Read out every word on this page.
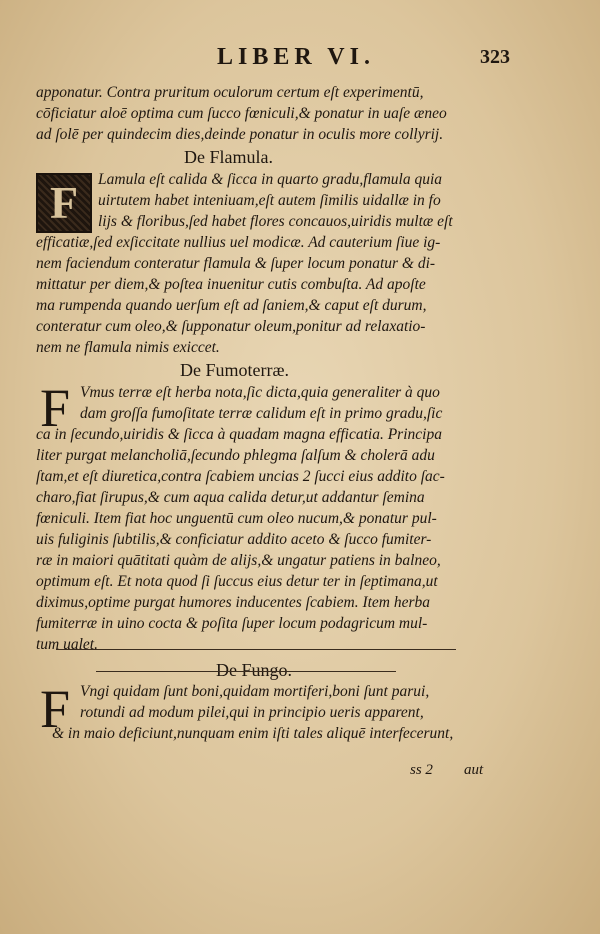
LIBER VI.	323
apponatur. Contra pruritum oculorum certum eſt experimentū,
cōficiatur aloē optima cum ſucco fœniculi,& ponatur in uaſe æneo
ad ſolē per quindecim dies,deinde ponatur in oculis more collyrij.
De Flamula.
F	Lamula eſt calida & ſicca in quarto gradu,flamula quia
uirtutem habet inteniuam,eſt autem ſimilis uidallæ in fo
lijs & floribus,ſed habet flores concauos,uiridis multæ eſt
efficatiæ,ſed exſiccitate nullius uel modicæ. Ad cauterium ſiue ig-
nem faciendum conteratur flamula & ſuper locum ponatur & di-
mittatur per diem,& poſtea inuenitur cutis combuſta. Ad apoſte
ma rumpenda quando uerſum eſt ad ſaniem,& caput eſt durum,
conteratur cum oleo,& ſupponatur oleum,ponitur ad relaxatio-
nem ne flamula nimis exiccet.
De Fumoterræ.
F Vmus terræ eſt herba nota,ſic dicta,quia generaliter à quo
dam groſſa fumoſitate terræ calidum eſt in primo gradu,ſic
ca in ſecundo,uiridis & ſicca à quadam magna efficatia. Principa
liter purgat melancholiā,ſecundo phlegma ſalſum & cholerā adu
ſtam,et eſt diuretica,contra ſcabiem uncias 2 ſucci eius addito ſac-
charo,fiat ſirupus,& cum aqua calida detur,ut addantur ſemina
fœniculi. Item fiat hoc unguentū cum oleo nucum,& ponatur pul-
uis fuliginis ſubtilis,& conficiatur addito aceto & ſucco fumiter-
ræ in maiori quātitati quàm de alijs,& ungatur patiens in balneo,
optimum eſt. Et nota quod ſi ſuccus eius detur ter in ſeptimana,ut
diximus,optime purgat humores inducentes ſcabiem. Item herba
fumiterræ in uino cocta & poſita ſuper locum podagricum mul-
tum ualet.
De Fungo.
F Vngi quidam ſunt boni,quidam mortiferi,boni ſunt parui,
rotundi ad modum pilei,qui in principio ueris apparent,
& in maio deficiunt,nunquam enim iſti tales aliquē interfecerunt,
ss 2 aut
